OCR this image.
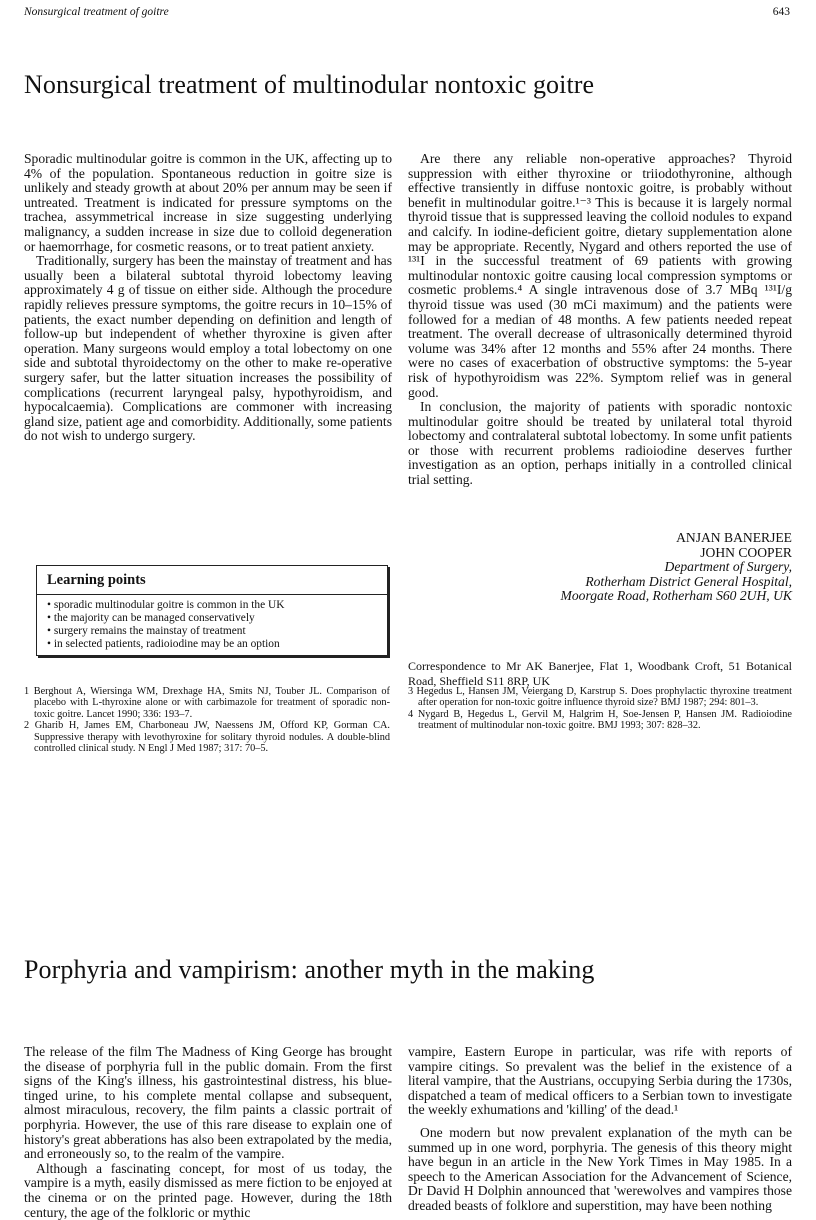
Nonsurgical treatment of goitre	643
Nonsurgical treatment of multinodular nontoxic goitre

Sporadic multinodular goitre is common in the UK, affecting up to 4% of the population. Spontaneous reduction in goitre size is unlikely and steady growth at about 20% per annum may be seen if untreated. Treatment is indicated for pressure symptoms on the trachea, assymmetrical increase in size suggesting underlying malignancy, a sudden increase in size due to colloid degeneration or haemorrhage, for cosmetic reasons, or to treat patient anxiety.

Traditionally, surgery has been the mainstay of treatment and has usually been a bilateral subtotal thyroid lobectomy leaving approximately 4 g of tissue on either side. Although the procedure rapidly relieves pressure symptoms, the goitre recurs in 10–15% of patients, the exact number depending on definition and length of follow-up but independent of whether thyroxine is given after operation. Many surgeons would employ a total lobectomy on one side and subtotal thyroidectomy on the other to make re-operative surgery safer, but the latter situation increases the possibility of complications (recurrent laryngeal palsy, hypothyroidism, and hypocalcaemia). Complications are commoner with increasing gland size, patient age and comorbidity. Additionally, some patients do not wish to undergo surgery.

Are there any reliable non-operative approaches? Thyroid suppression with either thyroxine or triiodothyronine, although effective transiently in diffuse nontoxic goitre, is probably without benefit in multinodular goitre.¹⁻³ This is because it is largely normal thyroid tissue that is suppressed leaving the colloid nodules to expand and calcify. In iodine-deficient goitre, dietary supplementation alone may be appropriate. Recently, Nygard and others reported the use of ¹³¹I in the successful treatment of 69 patients with growing multinodular nontoxic goitre causing local compression symptoms or cosmetic problems.⁴ A single intravenous dose of 3.7 MBq ¹³¹I/g thyroid tissue was used (30 mCi maximum) and the patients were followed for a median of 48 months. A few patients needed repeat treatment. The overall decrease of ultrasonically determined thyroid volume was 34% after 12 months and 55% after 24 months. There were no cases of exacerbation of obstructive symptoms: the 5-year risk of hypothyroidism was 22%. Symptom relief was in general good.

In conclusion, the majority of patients with sporadic nontoxic multinodular goitre should be treated by unilateral total thyroid lobectomy and contralateral subtotal lobectomy. In some unfit patients or those with recurrent problems radioiodine deserves further investigation as an option, perhaps initially in a controlled clinical trial setting.

Learning points
• sporadic multinodular goitre is common in the UK
• the majority can be managed conservatively
• surgery remains the mainstay of treatment
• in selected patients, radioiodine may be an option
ANJAN BANERJEE
JOHN COOPER
Department of Surgery,
Rotherham District General Hospital,
Moorgate Road, Rotherham S60 2UH, UK
Correspondence to Mr AK Banerjee, Flat 1, Woodbank Croft, 51 Botanical Road, Sheffield S11 8RP, UK
1 Berghout A, Wiersinga WM, Drexhage HA, Smits NJ, Touber JL. Comparison of placebo with L-thyroxine alone or with carbimazole for treatment of sporadic non-toxic goitre. Lancet 1990; 336: 193–7.
2 Gharib H, James EM, Charboneau JW, Naessens JM, Offord KP, Gorman CA. Suppressive therapy with levothyroxine for solitary thyroid nodules. A double-blind controlled clinical study. N Engl J Med 1987; 317: 70–5.
3 Hegedus L, Hansen JM, Veiergang D, Karstrup S. Does prophylactic thyroxine treatment after operation for non-toxic goitre influence thyroid size? BMJ 1987; 294: 801–3.
4 Nygard B, Hegedus L, Gervil M, Halgrim H, Soe-Jensen P, Hansen JM. Radioiodine treatment of multinodular non-toxic goitre. BMJ 1993; 307: 828–32.
Porphyria and vampirism: another myth in the making

The release of the film The Madness of King George has brought the disease of porphyria full in the public domain. From the first signs of the King's illness, his gastrointestinal distress, his blue-tinged urine, to his complete mental collapse and subsequent, almost miraculous, recovery, the film paints a classic portrait of porphyria. However, the use of this rare disease to explain one of history's great abberations has also been extrapolated by the media, and erroneously so, to the realm of the vampire.

Although a fascinating concept, for most of us today, the vampire is a myth, easily dismissed as mere fiction to be enjoyed at the cinema or on the printed page. However, during the 18th century, the age of the folkloric or mythic

vampire, Eastern Europe in particular, was rife with reports of vampire citings. So prevalent was the belief in the existence of a literal vampire, that the Austrians, occupying Serbia during the 1730s, dispatched a team of medical officers to a Serbian town to investigate the weekly exhumations and 'killing' of the dead.¹

One modern but now prevalent explanation of the myth can be summed up in one word, porphyria. The genesis of this theory might have begun in an article in the New York Times in May 1985. In a speech to the American Association for the Advancement of Science, Dr David H Dolphin announced that 'werewolves and vampires those dreaded beasts of folklore and superstition, may have been nothing
